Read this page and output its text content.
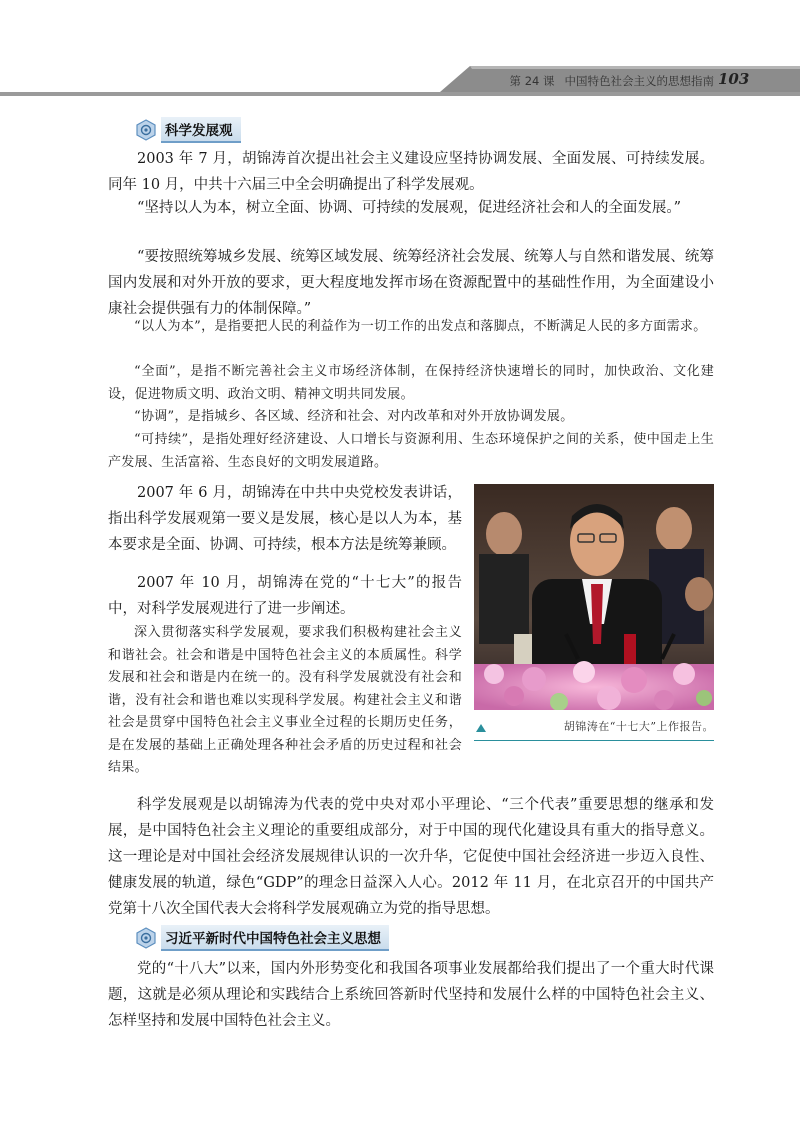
第 24 课 中国特色社会主义的思想指南 103
科学发展观

2003 年 7 月，胡锦涛首次提出社会主义建设应坚持协调发展、全面发展、可持续发展。同年 10 月，中共十六届三中全会明确提出了科学发展观。

“坚持以人为本，树立全面、协调、可持续的发展观，促进经济社会和人的全面发展。”

“要按照统筹城乡发展、统筹区域发展、统筹经济社会发展、统筹人与自然和谐发展、统筹国内发展和对外开放的要求，更大程度地发挥市场在资源配置中的基础性作用，为全面建设小康社会提供强有力的体制保障。”

“以人为本”，是指要把人民的利益作为一切工作的出发点和落脚点，不断满足人民的多方面需求。

“全面”，是指不断完善社会主义市场经济体制，在保持经济快速增长的同时，加快政治、文化建设，促进物质文明、政治文明、精神文明共同发展。

“协调”，是指城乡、各区域、经济和社会、对内改革和对外开放协调发展。

“可持续”，是指处理好经济建设、人口增长与资源利用、生态环境保护之间的关系，使中国走上生产发展、生活富裕、生态良好的文明发展道路。

2007 年 6 月，胡锦涛在中共中央党校发表讲话，指出科学发展观第一要义是发展，核心是以人为本，基本要求是全面、协调、可持续，根本方法是统筹兼顾。

2007 年 10 月，胡锦涛在党的“十七大”的报告中，对科学发展观进行了进一步阐述。

深入贯彻落实科学发展观，要求我们积极构建社会主义和谐社会。社会和谐是中国特色社会主义的本质属性。科学发展和社会和谐是内在统一的。没有科学发展就没有社会和谐，没有社会和谐也难以实现科学发展。构建社会主义和谐社会是贯穿中国特色社会主义事业全过程的长期历史任务，是在发展的基础上正确处理各种社会矛盾的历史过程和社会结果。

胡锦涛在“十七大”上作报告。

科学发展观是以胡锦涛为代表的党中央对邓小平理论、“三个代表”重要思想的继承和发展，是中国特色社会主义理论的重要组成部分，对于中国的现代化建设具有重大的指导意义。这一理论是对中国社会经济发展规律认识的一次升华，它促使中国社会经济进一步迈入良性、健康发展的轨道，绿色“GDP”的理念日益深入人心。2012 年 11 月，在北京召开的中国共产党第十八次全国代表大会将科学发展观确立为党的指导思想。

习近平新时代中国特色社会主义思想

党的“十八大”以来，国内外形势变化和我国各项事业发展都给我们提出了一个重大时代课题，这就是必须从理论和实践结合上系统回答新时代坚持和发展什么样的中国特色社会主义、怎样坚持和发展中国特色社会主义。
